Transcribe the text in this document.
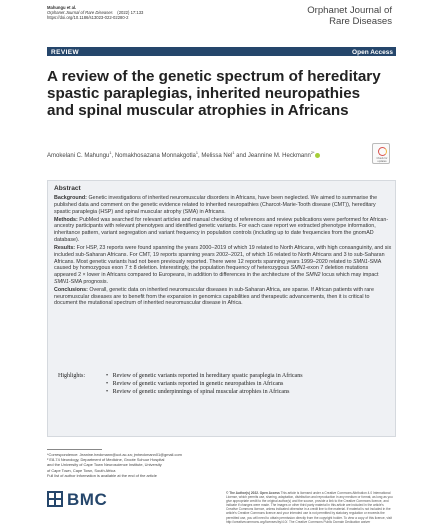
Mahungu et al.
Orphanet Journal of Rare Diseases (2022) 17:133
https://doi.org/10.1186/s13023-022-02280-2
Orphanet Journal of
Rare Diseases
REVIEW	Open Access
A review of the genetic spectrum of hereditary spastic paraplegias, inherited neuropathies and spinal muscular atrophies in Africans
Amokelani C. Mahungu$^1$, Nomakhosazana Monnakgotla$^1$, Melissa Nel$^1$ and Jeannine M. Heckmann$^{2*}$
Check for updates
Abstract

Background: Genetic investigations of inherited neuromuscular disorders in Africans, have been neglected. We aimed to summarise the published data and comment on the genetic evidence related to inherited neuropathies (Charcot-Marie-Tooth disease (CMT)), hereditary spastic paraplegia (HSP) and spinal muscular atrophy (SMA) in Africans.

Methods: PubMed was searched for relevant articles and manual checking of references and review publications were performed for African-ancestry participants with relevant phenotypes and identified genetic variants. For each case report we extracted phenotype information, inheritance pattern, variant segregation and variant frequency in population controls (including up to date frequencies from the gnomAD database).

Results: For HSP, 23 reports were found spanning the years 2000–2019 of which 19 related to North Africans, with high consanguinity, and six included sub-Saharan Africans. For CMT, 19 reports spanning years 2002–2021, of which 16 related to North Africans and 3 to sub-Saharan Africans. Most genetic variants had not been previously reported. There were 12 reports spanning years 1999–2020 related to SMN1-SMA caused by homozygous exon 7 ± 8 deletion. Interestingly, the population frequency of heterozygous SMN1-exon 7 deletion mutations appeared 2 × lower in Africans compared to Europeans, in addition to differences in the architecture of the SMN2 locus which may impact SMN1-SMA prognosis.

Conclusions: Overall, genetic data on inherited neuromuscular diseases in sub-Saharan Africa, are sparse. If African patients with rare neuromuscular diseases are to benefit from the expansion in genomics capabilities and therapeutic advancements, then it is critical to document the mutational spectrum of inherited neuromuscular disease in Africa.

Highlights:	•   Review of genetic variants reported in hereditary spastic paraplegia in Africans
•   Review of genetic variants reported in genetic neuropathies in Africans
•   Review of genetic underpinnings of spinal muscular atrophies in Africans
*Correspondence: Jeanine.heckmann@uct.ac.za; jmheckmann01@gmail.com
² E8-74 Neurology, Department of Medicine, Groote Schuur Hospital
and the University of Cape Town Neuroscience Institute, University
of Cape Town, Cape Town, South Africa
Full list of author information is available at the end of the article
BMC	© The Author(s) 2022. Open Access This article is licensed under a Creative Commons Attribution 4.0 International License, which permits use, sharing, adaptation, distribution and reproduction in any medium or format, as long as you give appropriate credit to the original author(s) and the source, provide a link to the Creative Commons licence, and indicate if changes were made. The images or other third party material in this article are included in the article's Creative Commons licence, unless indicated otherwise in a credit line to the material. If material is not included in the article's Creative Commons licence and your intended use is not permitted by statutory regulation or exceeds the permitted use, you will need to obtain permission directly from the copyright holder. To view a copy of this licence, visit http://creativecommons.org/licenses/by/4.0/. The Creative Commons Public Domain Dedication waiver
